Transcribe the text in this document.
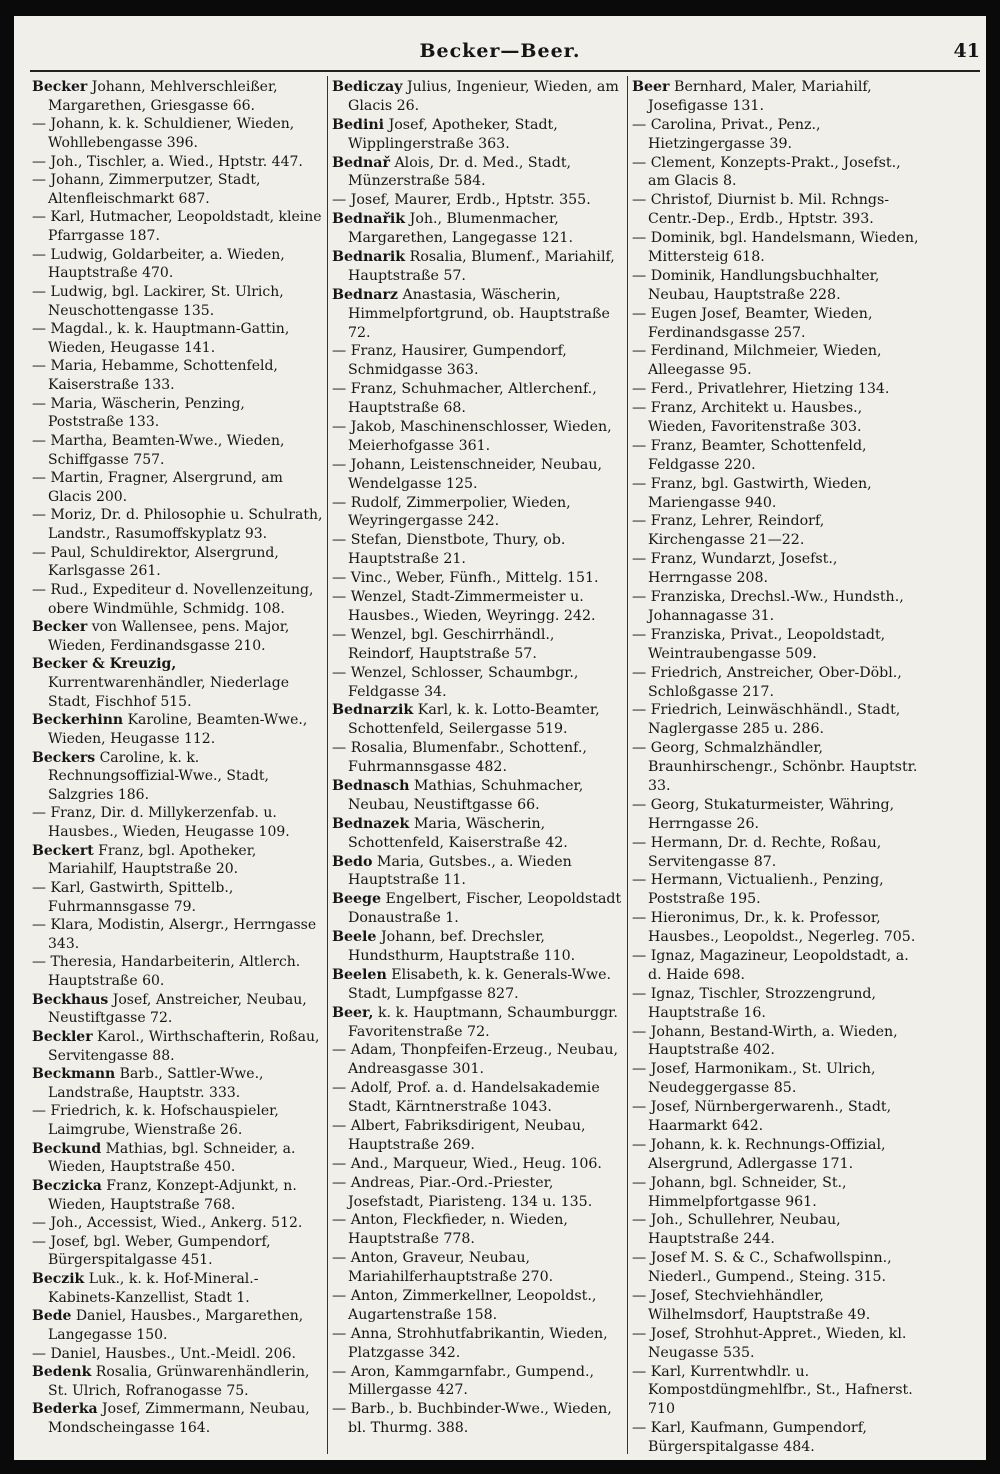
Becker—Beer.	41

Becker Johann, Mehlverschleißer, Margarethen, Griesgasse 66.

— Johann, k. k. Schuldiener, Wieden, Wohllebengasse 396.

— Joh., Tischler, a. Wied., Hptstr. 447.

— Johann, Zimmerputzer, Stadt, Altenfleischmarkt 687.

— Karl, Hutmacher, Leopoldstadt, kleine Pfarrgasse 187.

— Ludwig, Goldarbeiter, a. Wieden, Hauptstraße 470.

— Ludwig, bgl. Lackirer, St. Ulrich, Neuschottengasse 135.

— Magdal., k. k. Hauptmann-Gattin, Wieden, Heugasse 141.

— Maria, Hebamme, Schottenfeld, Kaiserstraße 133.

— Maria, Wäscherin, Penzing, Poststraße 133.

— Martha, Beamten-Wwe., Wieden, Schiffgasse 757.

— Martin, Fragner, Alsergrund, am Glacis 200.

— Moriz, Dr. d. Philosophie u. Schulrath, Landstr., Rasumoffskyplatz 93.

— Paul, Schuldirektor, Alsergrund, Karlsgasse 261.

— Rud., Expediteur d. Novellenzeitung, obere Windmühle, Schmidg. 108.

Becker von Wallensee, pens. Major, Wieden, Ferdinandsgasse 210.

Becker & Kreuzig, Kurrentwarenhändler, Niederlage Stadt, Fischhof 515.

Beckerhinn Karoline, Beamten-Wwe., Wieden, Heugasse 112.

Beckers Caroline, k. k. Rechnungsoffizial-Wwe., Stadt, Salzgries 186.

— Franz, Dir. d. Millykerzenfab. u. Hausbes., Wieden, Heugasse 109.

Beckert Franz, bgl. Apotheker, Mariahilf, Hauptstraße 20.

— Karl, Gastwirth, Spittelb., Fuhrmannsgasse 79.

— Klara, Modistin, Alsergr., Herrngasse 343.

— Theresia, Handarbeiterin, Altlerch. Hauptstraße 60.

Beckhaus Josef, Anstreicher, Neubau, Neustiftgasse 72.

Beckler Karol., Wirthschafterin, Roßau, Servitengasse 88.

Beckmann Barb., Sattler-Wwe., Landstraße, Hauptstr. 333.

— Friedrich, k. k. Hofschauspieler, Laimgrube, Wienstraße 26.

Beckund Mathias, bgl. Schneider, a. Wieden, Hauptstraße 450.

Beczicka Franz, Konzept-Adjunkt, n. Wieden, Hauptstraße 768.

— Joh., Accessist, Wied., Ankerg. 512.

— Josef, bgl. Weber, Gumpendorf, Bürgerspitalgasse 451.

Beczik Luk., k. k. Hof-Mineral.-Kabinets-Kanzellist, Stadt 1.

Bede Daniel, Hausbes., Margarethen, Langegasse 150.

— Daniel, Hausbes., Unt.-Meidl. 206.

Bedenk Rosalia, Grünwarenhändlerin, St. Ulrich, Rofranogasse 75.

Bederka Josef, Zimmermann, Neubau, Mondscheingasse 164.

Bediczay Julius, Ingenieur, Wieden, am Glacis 26.

Bedini Josef, Apotheker, Stadt, Wipplingerstraße 363.

Bednař Alois, Dr. d. Med., Stadt, Münzerstraße 584.

— Josef, Maurer, Erdb., Hptstr. 355.

Bednařik Joh., Blumenmacher, Margarethen, Langegasse 121.

Bednarik Rosalia, Blumenf., Mariahilf, Hauptstraße 57.

Bednarz Anastasia, Wäscherin, Himmelpfortgrund, ob. Hauptstraße 72.

— Franz, Hausirer, Gumpendorf, Schmidgasse 363.

— Franz, Schuhmacher, Altlerchenf., Hauptstraße 68.

— Jakob, Maschinenschlosser, Wieden, Meierhofgasse 361.

— Johann, Leistenschneider, Neubau, Wendelgasse 125.

— Rudolf, Zimmerpolier, Wieden, Weyringergasse 242.

— Stefan, Dienstbote, Thury, ob. Hauptstraße 21.

— Vinc., Weber, Fünfh., Mittelg. 151.

— Wenzel, Stadt-Zimmermeister u. Hausbes., Wieden, Weyringg. 242.

— Wenzel, bgl. Geschirrhändl., Reindorf, Hauptstraße 57.

— Wenzel, Schlosser, Schaumbgr., Feldgasse 34.

Bednarzik Karl, k. k. Lotto-Beamter, Schottenfeld, Seilergasse 519.

— Rosalia, Blumenfabr., Schottenf., Fuhrmannsgasse 482.

Bednasch Mathias, Schuhmacher, Neubau, Neustiftgasse 66.

Bednazek Maria, Wäscherin, Schottenfeld, Kaiserstraße 42.

Bedo Maria, Gutsbes., a. Wieden Hauptstraße 11.

Beege Engelbert, Fischer, Leopoldstadt Donaustraße 1.

Beele Johann, bef. Drechsler, Hundsthurm, Hauptstraße 110.

Beelen Elisabeth, k. k. Generals-Wwe. Stadt, Lumpfgasse 827.

Beer, k. k. Hauptmann, Schaumburggr. Favoritenstraße 72.

— Adam, Thonpfeifen-Erzeug., Neubau, Andreasgasse 301.

— Adolf, Prof. a. d. Handelsakademie Stadt, Kärntnerstraße 1043.

— Albert, Fabriksdirigent, Neubau, Hauptstraße 269.

— And., Marqueur, Wied., Heug. 106.

— Andreas, Piar.-Ord.-Priester, Josefstadt, Piaristeng. 134 u. 135.

— Anton, Fleckfieder, n. Wieden, Hauptstraße 778.

— Anton, Graveur, Neubau, Mariahilferhauptstraße 270.

— Anton, Zimmerkellner, Leopoldst., Augartenstraße 158.

— Anna, Strohhutfabrikantin, Wieden, Platzgasse 342.

— Aron, Kammgarnfabr., Gumpend., Millergasse 427.

— Barb., b. Buchbinder-Wwe., Wieden, bl. Thurmg. 388.

Beer Bernhard, Maler, Mariahilf, Josefigasse 131.

— Carolina, Privat., Penz., Hietzingergasse 39.

— Clement, Konzepts-Prakt., Josefst., am Glacis 8.

— Christof, Diurnist b. Mil. Rchngs-Centr.-Dep., Erdb., Hptstr. 393.

— Dominik, bgl. Handelsmann, Wieden, Mittersteig 618.

— Dominik, Handlungsbuchhalter, Neubau, Hauptstraße 228.

— Eugen Josef, Beamter, Wieden, Ferdinandsgasse 257.

— Ferdinand, Milchmeier, Wieden, Alleegasse 95.

— Ferd., Privatlehrer, Hietzing 134.

— Franz, Architekt u. Hausbes., Wieden, Favoritenstraße 303.

— Franz, Beamter, Schottenfeld, Feldgasse 220.

— Franz, bgl. Gastwirth, Wieden, Mariengasse 940.

— Franz, Lehrer, Reindorf, Kirchengasse 21—22.

— Franz, Wundarzt, Josefst., Herrngasse 208.

— Franziska, Drechsl.-Ww., Hundsth., Johannagasse 31.

— Franziska, Privat., Leopoldstadt, Weintraubengasse 509.

— Friedrich, Anstreicher, Ober-Döbl., Schloßgasse 217.

— Friedrich, Leinwäschhändl., Stadt, Naglergasse 285 u. 286.

— Georg, Schmalzhändler, Braunhirschengr., Schönbr. Hauptstr. 33.

— Georg, Stukaturmeister, Währing, Herrngasse 26.

— Hermann, Dr. d. Rechte, Roßau, Servitengasse 87.

— Hermann, Victualienh., Penzing, Poststraße 195.

— Hieronimus, Dr., k. k. Professor, Hausbes., Leopoldst., Negerleg. 705.

— Ignaz, Magazineur, Leopoldstadt, a. d. Haide 698.

— Ignaz, Tischler, Strozzengrund, Hauptstraße 16.

— Johann, Bestand-Wirth, a. Wieden, Hauptstraße 402.

— Josef, Harmonikam., St. Ulrich, Neudeggergasse 85.

— Josef, Nürnbergerwarenh., Stadt, Haarmarkt 642.

— Johann, k. k. Rechnungs-Offizial, Alsergrund, Adlergasse 171.

— Johann, bgl. Schneider, St., Himmelpfortgasse 961.

— Joh., Schullehrer, Neubau, Hauptstraße 244.

— Josef M. S. & C., Schafwollspinn., Niederl., Gumpend., Steing. 315.

— Josef, Stechviehhändler, Wilhelmsdorf, Hauptstraße 49.

— Josef, Strohhut-Appret., Wieden, kl. Neugasse 535.

— Karl, Kurrentwhdlr. u. Kompostdüngmehlfbr., St., Hafnerst. 710

— Karl, Kaufmann, Gumpendorf, Bürgerspitalgasse 484.
